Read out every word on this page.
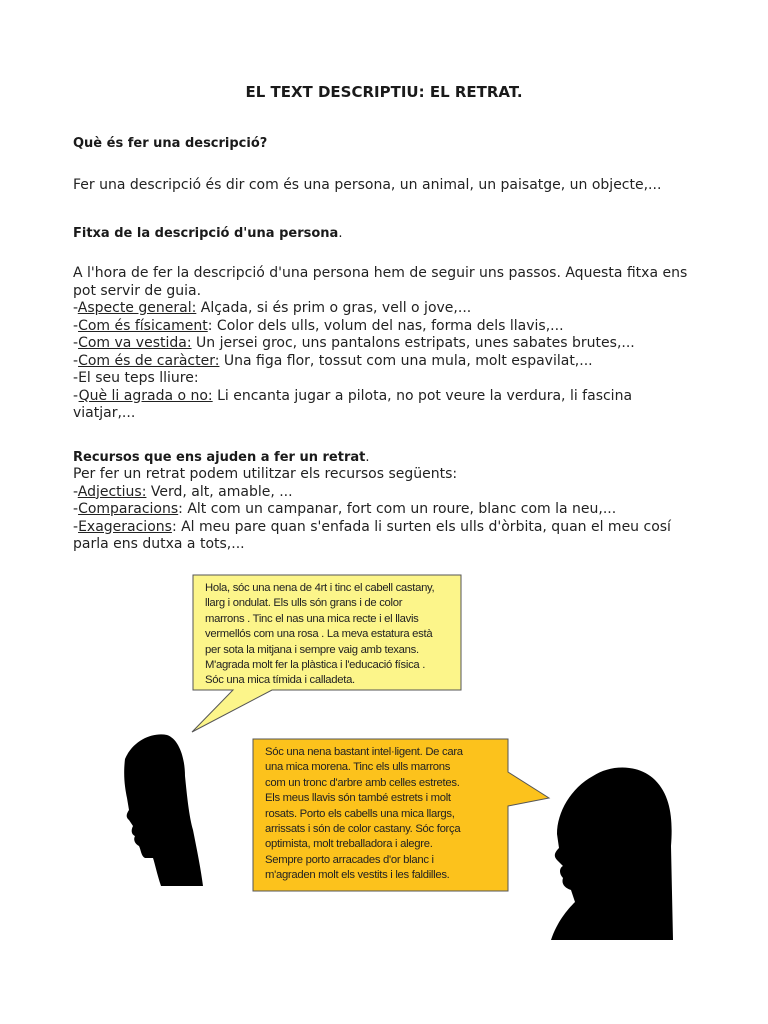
EL TEXT DESCRIPTIU: EL RETRAT.
Què és fer una descripció?
Fer una descripció és dir com és una persona, un animal, un paisatge, un objecte,...
Fitxa de la descripció d'una persona.
A l'hora de fer la descripció d'una persona hem de seguir uns passos. Aquesta fitxa ens
pot servir de guia.
-Aspecte general: Alçada, si és prim o gras, vell o jove,...
-Com és físicament: Color dels ulls, volum del nas, forma dels llavis,...
-Com va vestida: Un jersei groc, uns pantalons estripats, unes sabates brutes,...
-Com és de caràcter: Una figa flor, tossut com una mula, molt espavilat,...
-El seu teps lliure:
-Què li agrada o no: Li encanta jugar a pilota, no pot veure la verdura, li fascina
viatjar,...
Recursos que ens ajuden a fer un retrat.
Per fer un retrat podem utilitzar els recursos següents:
-Adjectius: Verd, alt, amable, ...
-Comparacions: Alt com un campanar, fort com un roure, blanc com la neu,...
-Exageracions: Al meu pare quan s'enfada li surten els ulls d'òrbita, quan el meu cosí
parla ens dutxa a tots,...
Hola, sóc una nena de 4rt i tinc el cabell castany,
llarg i ondulat. Els ulls són grans i de color
marrons . Tinc el nas una mica recte i el llavis
vermellós com una rosa . La meva estatura està
per sota la mitjana i sempre vaig amb texans.
M'agrada molt fer la plàstica i l'educació física .
Sóc una mica tímida i calladeta.
Sóc una nena bastant intel·ligent. De cara
una mica morena. Tinc els ulls marrons
com un tronc d'arbre amb celles estretes.
Els meus llavis són també estrets i molt
rosats. Porto els cabells una mica llargs,
arrissats i són de color castany. Sóc força
optimista, molt treballadora i alegre.
Sempre porto arracades d'or blanc i
m'agraden molt els vestits i les faldilles.
